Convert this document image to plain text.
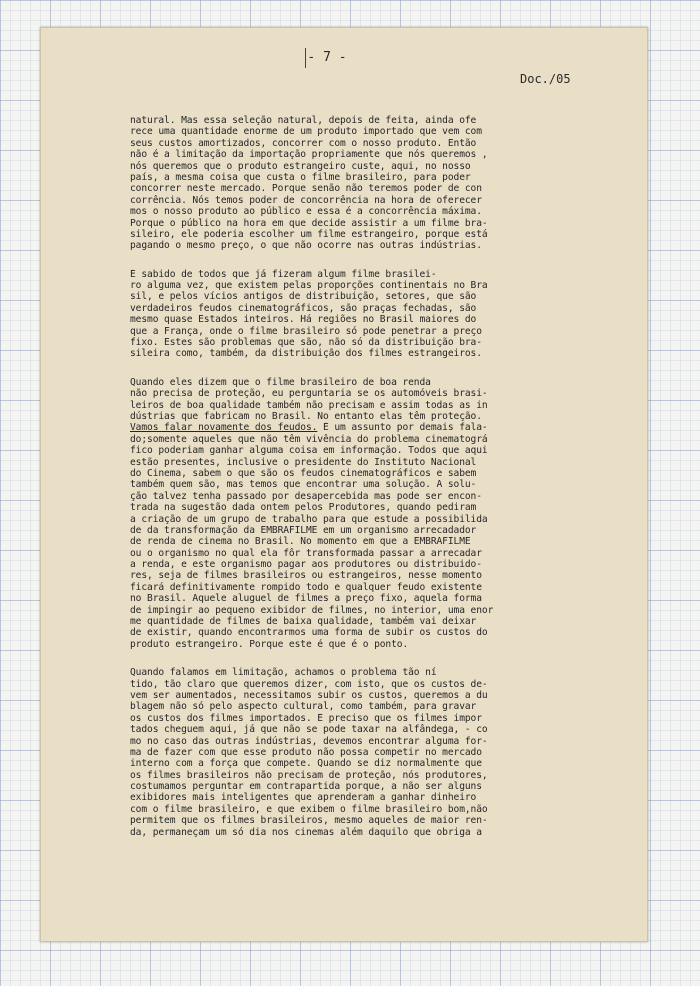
- 7 -
Doc./05
natural. Mas essa seleção natural, depois de feita, ainda ofe
rece uma quantidade enorme de um produto importado que vem com
seus custos amortizados, concorrer com o nosso produto. Então
não é a limitação da importação propriamente que nós queremos ,
nós queremos que o produto estrangeiro custe, aqui, no nosso
país, a mesma coisa que custa o filme brasileiro, para poder
concorrer neste mercado. Porque senão não teremos poder de con
corrência. Nós temos poder de concorrência na hora de oferecer
mos o nosso produto ao público e essa é a concorrência máxima.
Porque o público na hora em que decide assistir a um filme bra-
sileiro, ele poderia escolher um filme estrangeiro, porque está
pagando o mesmo preço, o que não ocorre nas outras indústrias.
É sabido de todos que já fizeram algum filme brasilei-
ro alguma vez, que existem pelas proporções continentais no Bra
sil, e pelos vícios antigos de distribuição, setores, que são
verdadeiros feudos cinematográficos, são praças fechadas, são
mesmo quase Estados inteiros. Há regiões no Brasil maiores do
que a França, onde o filme brasileiro só pode penetrar a preço
fixo. Estes são problemas que são, não só da distribuição bra-
sileira como, também, da distribuição dos filmes estrangeiros.
Quando eles dizem que o filme brasileiro de boa renda
não precisa de proteção, eu perguntaria se os automóveis brasi-
leiros de boa qualidade também não precisam e assim todas as in
dústrias que fabricam no Brasil. No entanto elas têm proteção.
Vamos falar novamente dos feudos. É um assunto por demais fala-
do;somente aqueles que não têm vivência do problema cinematográ
fico poderiam ganhar alguma coisa em informação. Todos que aqui
estão presentes, inclusive o presidente do Instituto Nacional
do Cinema, sabem o que são os feudos cinematográficos e sabem
também quem são, mas temos que encontrar uma solução. A solu-
ção talvez tenha passado por desapercebida mas pode ser encon-
trada na sugestão dada ontem pelos Produtores, quando pediram
a criação de um grupo de trabalho para que estude a possibilida
de da transformação da EMBRAFILME em um organismo arrecadador
de renda de cinema no Brasil. No momento em que a EMBRAFILME
ou o organismo no qual ela fôr transformada passar a arrecadar
a renda, e este organismo pagar aos produtores ou distribuido-
res, seja de filmes brasileiros ou estrangeiros, nesse momento
ficará definitivamente rompido todo e qualquer feudo existente
no Brasil. Aquele aluguel de filmes a preço fixo, aquela forma
de impingir ao pequeno exibidor de filmes, no interior, uma enor
me quantidade de filmes de baixa qualidade, também vai deixar
de existir, quando encontrarmos uma forma de subir os custos do
produto estrangeiro. Porque este é que é o ponto.
Quando falamos em limitação, achamos o problema tão ní
tido, tão claro que queremos dizer, com isto, que os custos de-
vem ser aumentados, necessitamos subir os custos, queremos a du
blagem não só pelo aspecto cultural, como também, para gravar
os custos dos filmes importados. É preciso que os filmes impor
tados cheguem aqui, já que não se pode taxar na alfândega, - co
mo no caso das outras indústrias, devemos encontrar alguma for-
ma de fazer com que esse produto não possa competir no mercado
interno com a força que compete. Quando se diz normalmente que
os filmes brasileiros não precisam de proteção, nós produtores,
costumamos perguntar em contrapartida porque, a não ser alguns
exibidores mais inteligentes que aprenderam a ganhar dinheiro
com o filme brasileiro, e que exibem o filme brasileiro bom,não
permitem que os filmes brasileiros, mesmo aqueles de maior ren-
da, permaneçam um só dia nos cinemas além daquilo que obriga a
